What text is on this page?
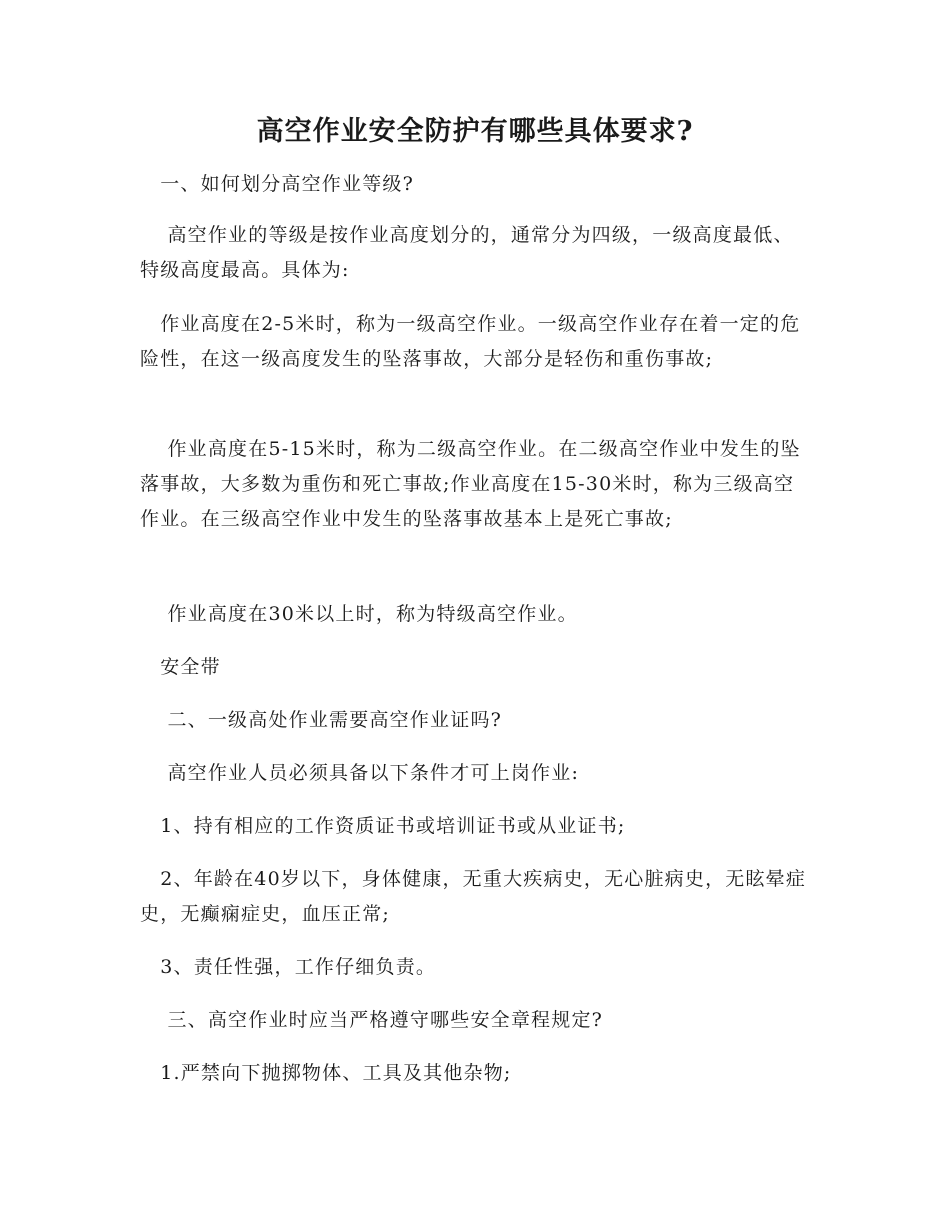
高空作业安全防护有哪些具体要求?

　一、如何划分高空作业等级?

　 高空作业的等级是按作业高度划分的，通常分为四级，一级高度最低、特级高度最高。具体为:

　作业高度在2-5米时，称为一级高空作业。一级高空作业存在着一定的危险性，在这一级高度发生的坠落事故，大部分是轻伤和重伤事故;

　 作业高度在5-15米时，称为二级高空作业。在二级高空作业中发生的坠落事故，大多数为重伤和死亡事故;作业高度在15-30米时，称为三级高空作业。在三级高空作业中发生的坠落事故基本上是死亡事故;

　 作业高度在30米以上时，称为特级高空作业。

　安全带

　 二、一级高处作业需要高空作业证吗?

　 高空作业人员必须具备以下条件才可上岗作业:

　1、持有相应的工作资质证书或培训证书或从业证书;

　2、年龄在40岁以下，身体健康，无重大疾病史，无心脏病史，无眩晕症史，无癫痫症史，血压正常;

　3、责任性强，工作仔细负责。

　 三、高空作业时应当严格遵守哪些安全章程规定?

　1.严禁向下抛掷物体、工具及其他杂物;
